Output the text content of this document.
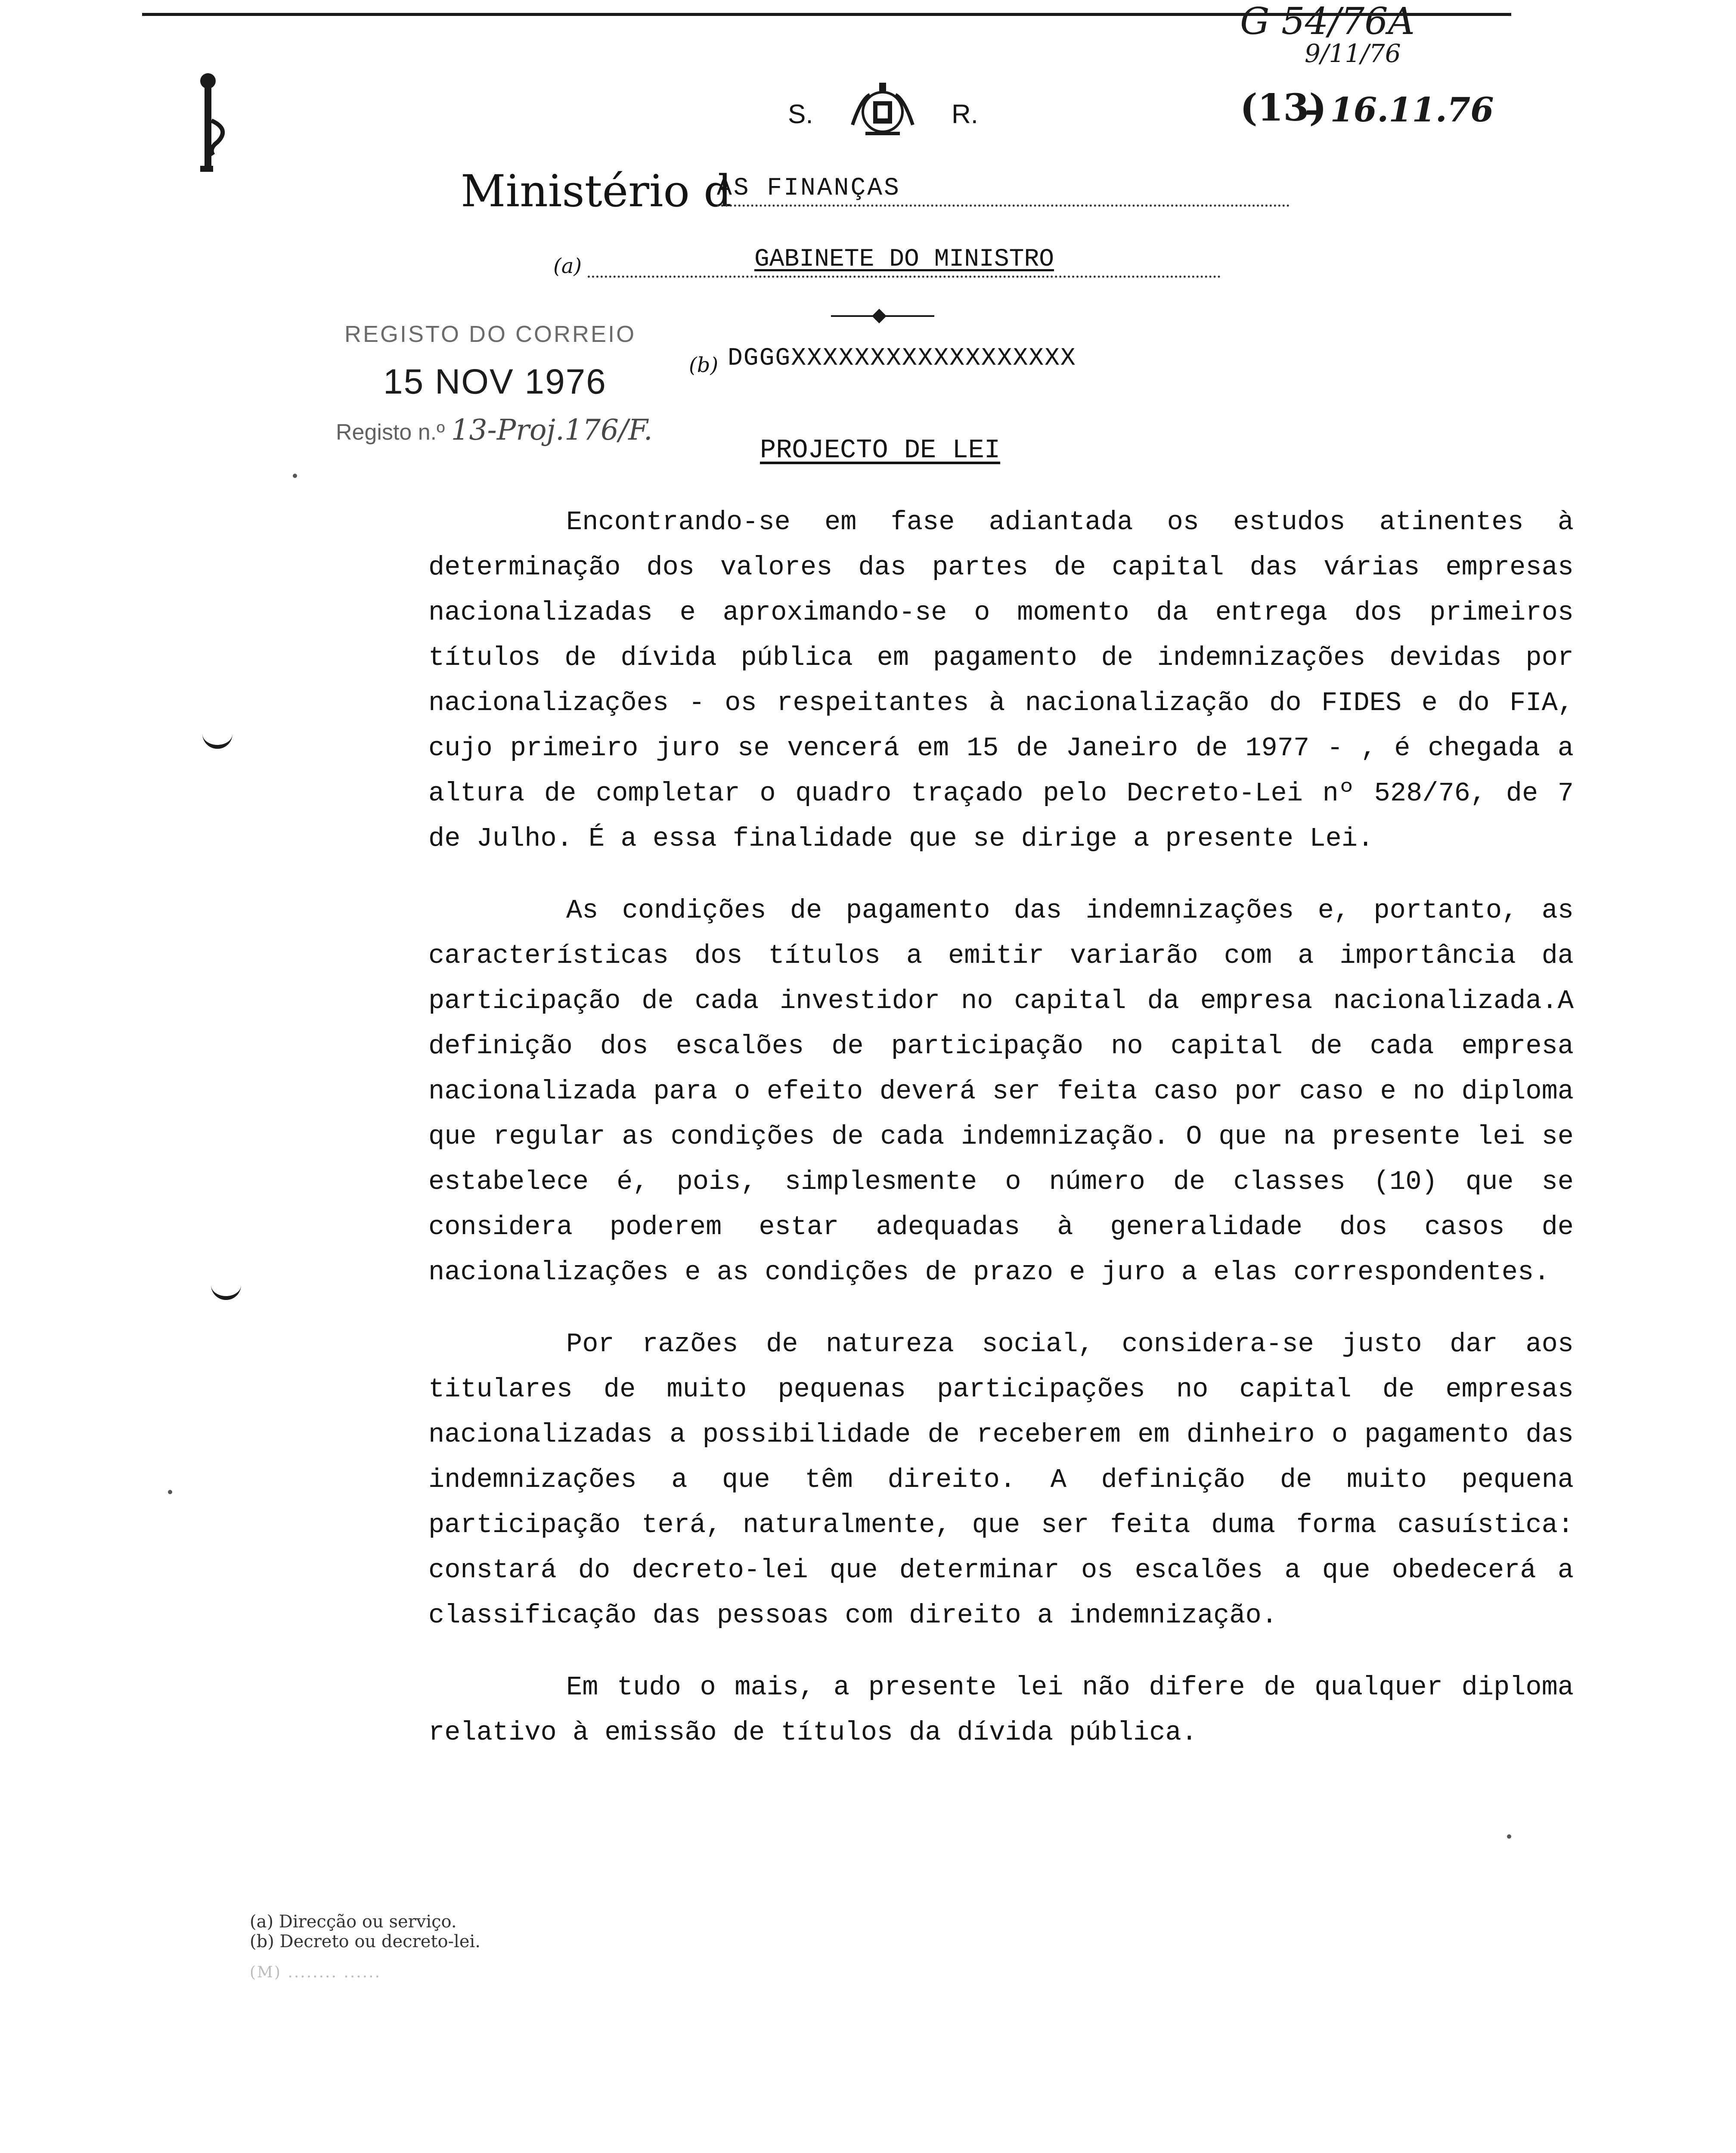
G 54/76A
9/11/76
(13)
- 16.11.76
S.	R.
Ministério d
AS FINANÇAS
(a)	GABINETE DO MINISTRO
REGISTO DO CORREIO
15 NOV 1976
Registo n.º 13-Proj.176/F.
(b) DGGGXXXXXXXXXXXXXXXXXX
PROJECTO DE LEI

Encontrando-se em fase adiantada os estudos atinentes à determinação dos valores das partes de capital das várias empresas nacionalizadas e aproximando-se o momento da entrega dos primeiros títulos de dívida pública em pagamento de indemnizações devidas por nacionalizações - os respeitantes à nacionalização do FIDES e do FIA, cujo primeiro juro se vencerá em 15 de Janeiro de 1977 - , é chegada a altura de completar o quadro traçado pelo Decreto-Lei nº 528/76, de 7 de Julho. É a essa finalidade que se dirige a presente Lei.

As condições de pagamento das indemnizações e, portanto, as características dos títulos a emitir variarão com a importância da participação de cada investidor no capital da empresa nacionalizada.A definição dos escalões de participação no capital de cada empresa nacionalizada para o efeito deverá ser feita caso por caso e no diploma que regular as condições de cada indemnização. O que na presente lei se estabelece é, pois, simplesmente o número de classes (10) que se considera poderem estar adequadas à generalidade dos casos de nacionalizações e as condições de prazo e juro a elas correspondentes.

Por razões de natureza social, considera-se justo dar aos titulares de muito pequenas participações no capital de empresas nacionalizadas a possibilidade de receberem em dinheiro o pagamento das indemnizações a que têm direito. A definição de muito pequena participação terá, naturalmente, que ser feita duma forma casuística: constará do decreto-lei que determinar os escalões a que obedecerá a classificação das pessoas com direito a indemnização.

Em tudo o mais, a presente lei não difere de qualquer diploma relativo à emissão de títulos da dívida pública.

(a) Direcção ou serviço.
(b) Decreto ou decreto-lei.
(M) ........ ......
